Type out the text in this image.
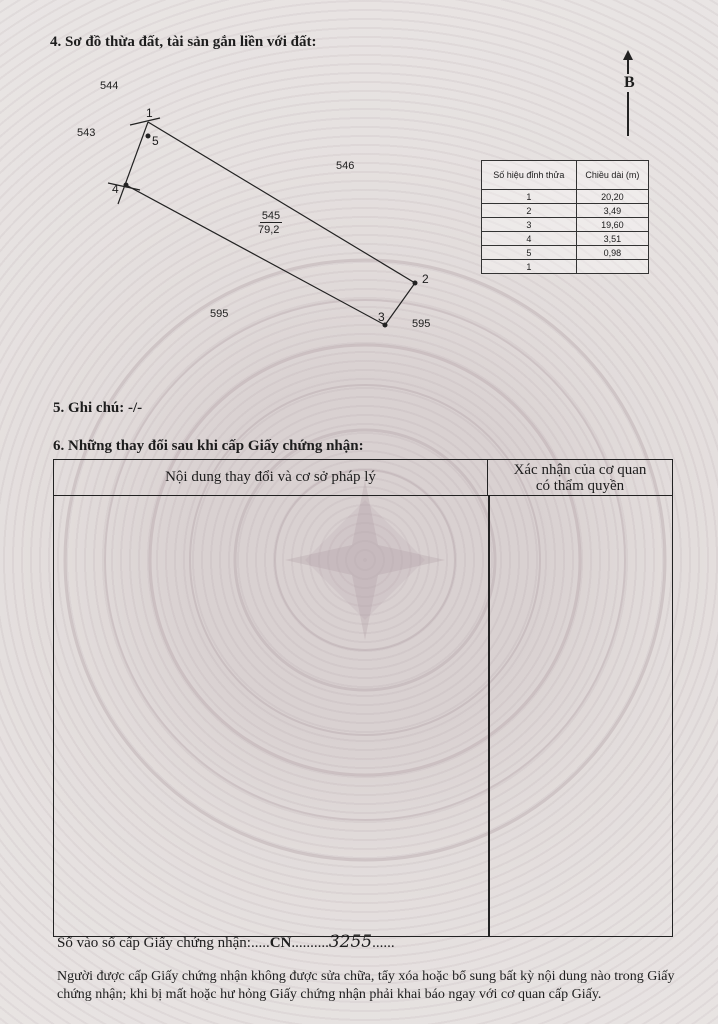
4. Sơ đồ thừa đất, tài sản gắn liền với đất:
B
544
543
546
595
595
545
79,2
1
2
3
4
5
Số hiệu đỉnh thửa	Chiều dài (m)
1	20,20
2	3,49
3	19,60
4	3,51
5	0,98
1	
5. Ghi chú: -/-
6. Những thay đổi sau khi cấp Giấy chứng nhận:
Nội dung thay đổi và cơ sở pháp lý	Xác nhận của cơ quan
có thẩm quyền
Số vào sổ cấp Giấy chứng nhận:.....CN..........3255......
Người được cấp Giấy chứng nhận không được sửa chữa, tẩy xóa hoặc bổ sung bất kỳ nội dung nào trong Giấy chứng nhận; khi bị mất hoặc hư hỏng Giấy chứng nhận phải khai báo ngay với cơ quan cấp Giấy.
